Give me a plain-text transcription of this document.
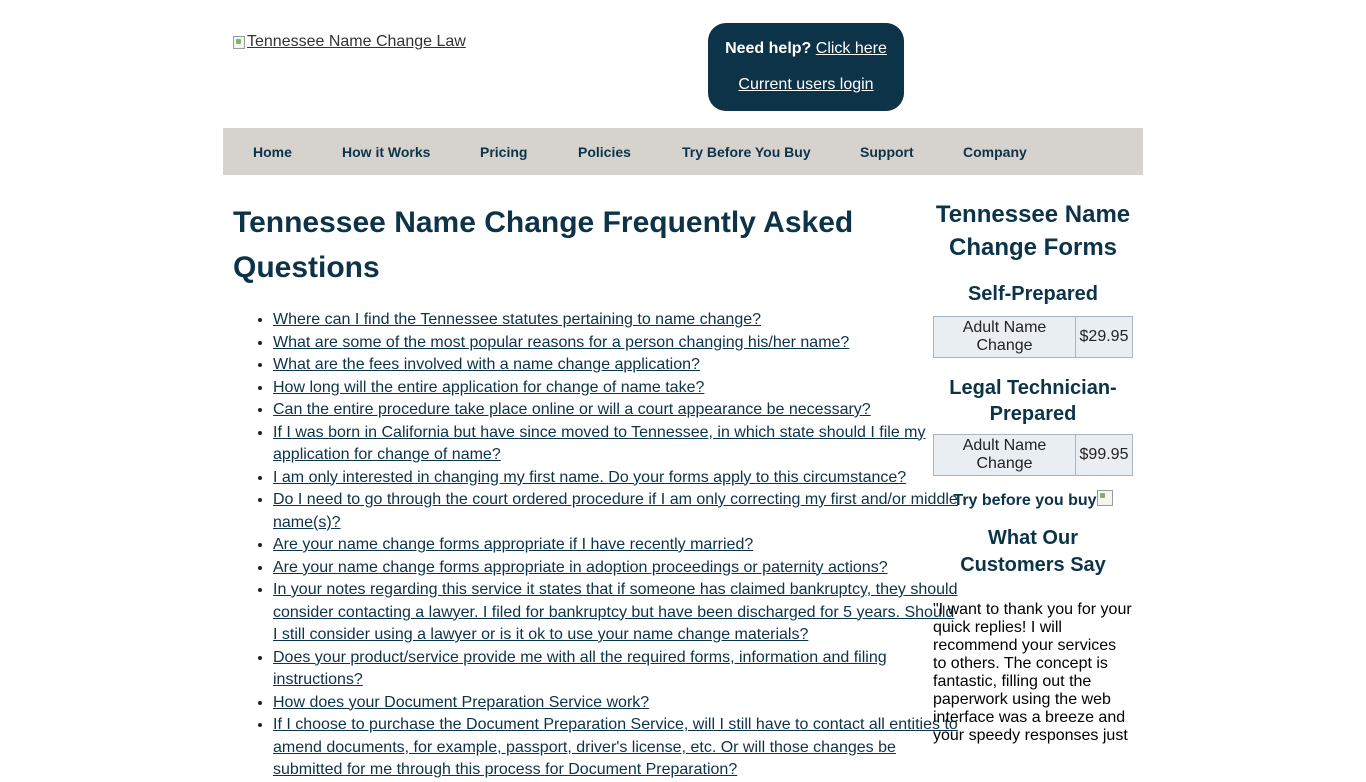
Tennessee Name Change Law	Need help? Click here
Current users login
Home	How it Works	Pricing	Policies	Try Before You Buy	Support	Company
Tennessee Name Change Frequently Asked Questions
• Where can I find the Tennessee statutes pertaining to name change?
• What are some of the most popular reasons for a person changing his/her name?
• What are the fees involved with a name change application?
• How long will the entire application for change of name take?
• Can the entire procedure take place online or will a court appearance be necessary?
• If I was born in California but have since moved to Tennessee, in which state should I file my application for change of name?
• I am only interested in changing my first name. Do your forms apply to this circumstance?
• Do I need to go through the court ordered procedure if I am only correcting my first and/or middle name(s)?
• Are your name change forms appropriate if I have recently married?
• Are your name change forms appropriate in adoption proceedings or paternity actions?
• In your notes regarding this service it states that if someone has claimed bankruptcy, they should consider contacting a lawyer. I filed for bankruptcy but have been discharged for 5 years. Should I still consider using a lawyer or is it ok to use your name change materials?
• Does your product/service provide me with all the required forms, information and filing instructions?
• How does your Document Preparation Service work?
• If I choose to purchase the Document Preparation Service, will I still have to contact all entities to amend documents, for example, passport, driver's license, etc. Or will those changes be submitted for me through this process for Document Preparation?
Tennessee Name Change Forms
Self-Prepared
Adult Name Change	$29.95
Legal Technician-Prepared
Adult Name Change	$99.95
Try before you buy
What Our Customers Say

"I want to thank you for your quick replies! I will recommend your services to others. The concept is fantastic, filling out the paperwork using the web interface was a breeze and your speedy responses just
